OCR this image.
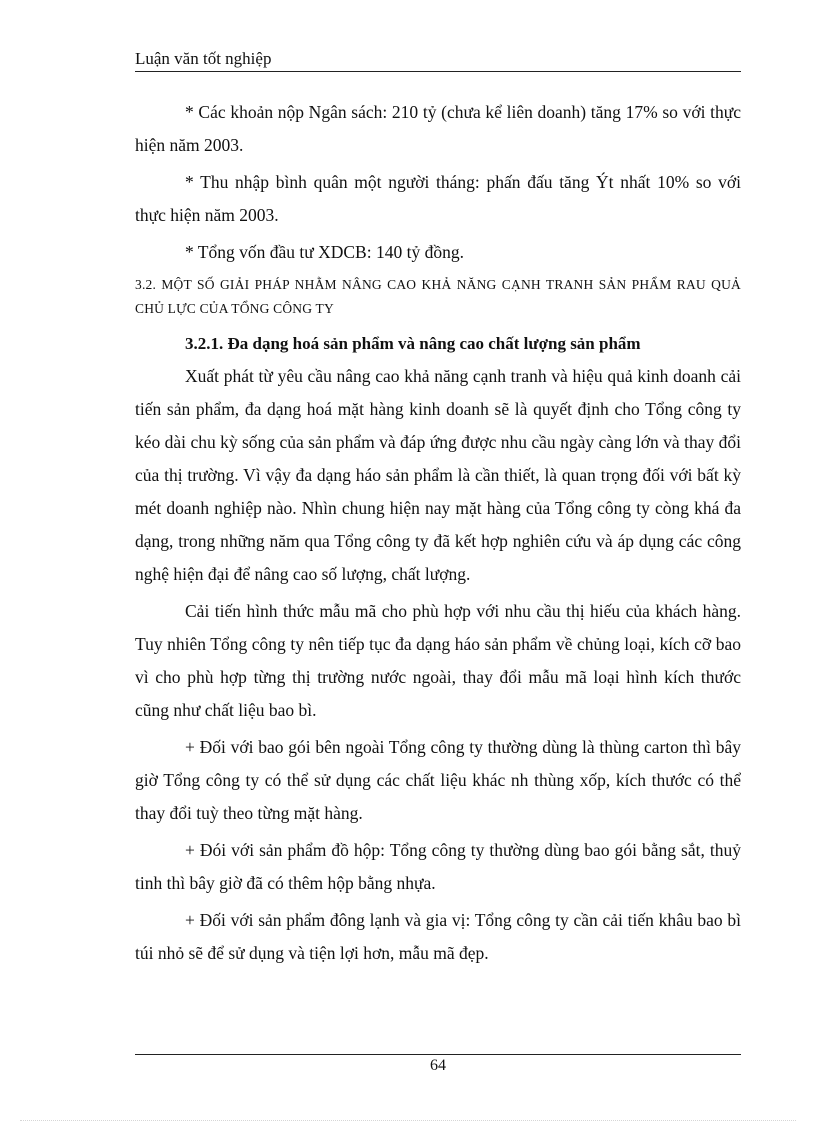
Luận văn tốt nghiệp

* Các khoản nộp Ngân sách: 210 tỷ (chưa kể liên doanh) tăng 17% so với thực hiện năm 2003.

* Thu nhập bình quân một người tháng: phấn đấu tăng Ýt nhất 10% so với thực hiện năm 2003.

* Tổng vốn đầu tư XDCB: 140 tỷ đồng.

3.2. MỘT SỐ GIẢI PHÁP NHẰM NÂNG CAO KHẢ NĂNG CẠNH TRANH SẢN PHẨM RAU QUẢ CHỦ LỰC CỦA TỔNG CÔNG TY

3.2.1. Đa dạng hoá sản phẩm và nâng cao chất lượng sản phẩm

Xuất phát từ yêu cầu nâng cao khả năng cạnh tranh và hiệu quả kinh doanh cải tiến sản phẩm, đa dạng hoá mặt hàng kinh doanh sẽ là quyết định cho Tổng công ty kéo dài chu kỳ sống của sản phẩm và đáp ứng được nhu cầu ngày càng lớn và thay đổi của thị trường. Vì vậy đa dạng háo sản phẩm là cần thiết, là quan trọng đối với bất kỳ mét doanh nghiệp nào. Nhìn chung hiện nay mặt hàng của Tổng công ty còng khá đa dạng, trong những năm qua Tổng công ty đã kết hợp nghiên cứu và áp dụng các công nghệ hiện đại để nâng cao số lượng, chất lượng.

Cải tiến hình thức mẫu mã cho phù hợp với nhu cầu thị hiếu của khách hàng. Tuy nhiên Tổng công ty nên tiếp tục đa dạng háo sản phẩm về chủng loại, kích cỡ bao vì cho phù hợp từng thị trường nước ngoài, thay đổi mẫu mã loại hình kích thước cũng như chất liệu bao bì.

+ Đối với bao gói bên ngoài Tổng công ty thường dùng là thùng carton thì bây giờ Tổng công ty có thể sử dụng các chất liệu khác nh thùng xốp, kích thước có thể thay đổi tuỳ theo từng mặt hàng.

+ Đói với sản phẩm đồ hộp: Tổng công ty thường dùng bao gói bằng sắt, thuỷ tinh thì bây giờ đã có thêm hộp bằng nhựa.

+ Đối với sản phẩm đông lạnh và gia vị: Tổng công ty cần cải tiến khâu bao bì túi nhỏ sẽ để sử dụng và tiện lợi hơn, mẫu mã đẹp.

64
